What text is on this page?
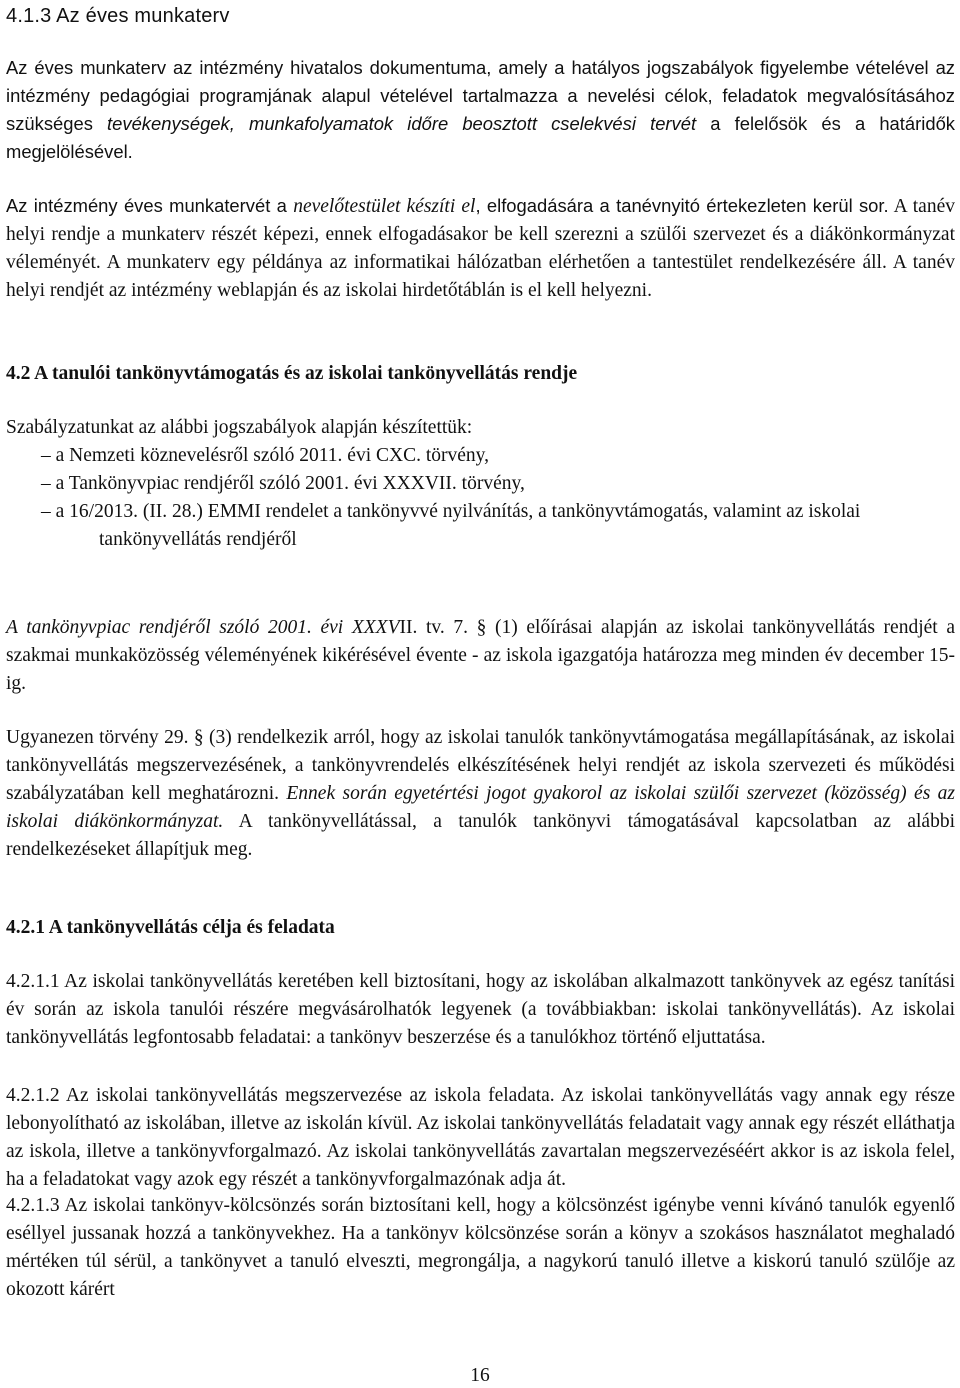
4.1.3 Az éves munkaterv

Az éves munkaterv az intézmény hivatalos dokumentuma, amely a hatályos jogszabályok figyelembe vételével az intézmény pedagógiai programjának alapul vételével tartalmazza a nevelési célok, feladatok megvalósításához szükséges tevékenységek, munkafolyamatok időre beosztott cselekvési tervét a felelősök és a határidők megjelölésével.

Az intézmény éves munkatervét a nevelőtestület készíti el, elfogadására a tanévnyitó értekezleten kerül sor. A tanév helyi rendje a munkaterv részét képezi, ennek elfogadásakor be kell szerezni a szülői szervezet és a diákönkormányzat véleményét. A munkaterv egy példánya az informatikai hálózatban elérhetően a tantestület rendelkezésére áll. A tanév helyi rendjét az intézmény weblapján és az iskolai hirdetőtáblán is el kell helyezni.

4.2 A tanulói tankönyvtámogatás és az iskolai tankönyvellátás rendje

Szabályzatunkat az alábbi jogszabályok alapján készítettük:

– a Nemzeti köznevelésről szóló 2011. évi CXC. törvény,
– a Tankönyvpiac rendjéről szóló 2001. évi XXXVII. törvény,
– a 16/2013. (II. 28.) EMMI rendelet a tankönyvvé nyilvánítás, a tankönyvtámogatás, valamint az iskolai tankönyvellátás rendjéről

A tankönyvpiac rendjéről szóló 2001. évi XXXVII. tv. 7. § (1) előírásai alapján az iskolai tankönyvellátás rendjét a szakmai munkaközösség véleményének kikérésével évente - az iskola igazgatója határozza meg minden év december 15-ig.

Ugyanezen törvény 29. § (3) rendelkezik arról, hogy az iskolai tanulók tankönyvtámogatása megállapításának, az iskolai tankönyvellátás megszervezésének, a tankönyvrendelés elkészítésének helyi rendjét az iskola szervezeti és működési szabályzatában kell meghatározni. Ennek során egyetértési jogot gyakorol az iskolai szülői szervezet (közösség) és az iskolai diákönkormányzat. A tankönyvellátással, a tanulók tankönyvi támogatásával kapcsolatban az alábbi rendelkezéseket állapítjuk meg.

4.2.1 A tankönyvellátás célja és feladata

4.2.1.1 Az iskolai tankönyvellátás keretében kell biztosítani, hogy az iskolában alkalmazott tankönyvek az egész tanítási év során az iskola tanulói részére megvásárolhatók legyenek (a továbbiakban: iskolai tankönyvellátás). Az iskolai tankönyvellátás legfontosabb feladatai: a tankönyv beszerzése és a tanulókhoz történő eljuttatása.

4.2.1.2 Az iskolai tankönyvellátás megszervezése az iskola feladata. Az iskolai tankönyvellátás vagy annak egy része lebonyolítható az iskolában, illetve az iskolán kívül. Az iskolai tankönyvellátás feladatait vagy annak egy részét elláthatja az iskola, illetve a tankönyvforgalmazó. Az iskolai tankönyvellátás zavartalan megszervezéséért akkor is az iskola felel, ha a feladatokat vagy azok egy részét a tankönyvforgalmazónak adja át.

4.2.1.3 Az iskolai tankönyv-kölcsönzés során biztosítani kell, hogy a kölcsönzést igénybe venni kívánó tanulók egyenlő eséllyel jussanak hozzá a tankönyvekhez. Ha a tankönyv kölcsönzése során a könyv a szokásos használatot meghaladó mértéken túl sérül, a tankönyvet a tanuló elveszti, megrongálja, a nagykorú tanuló illetve a kiskorú tanuló szülője az okozott kárért

16
